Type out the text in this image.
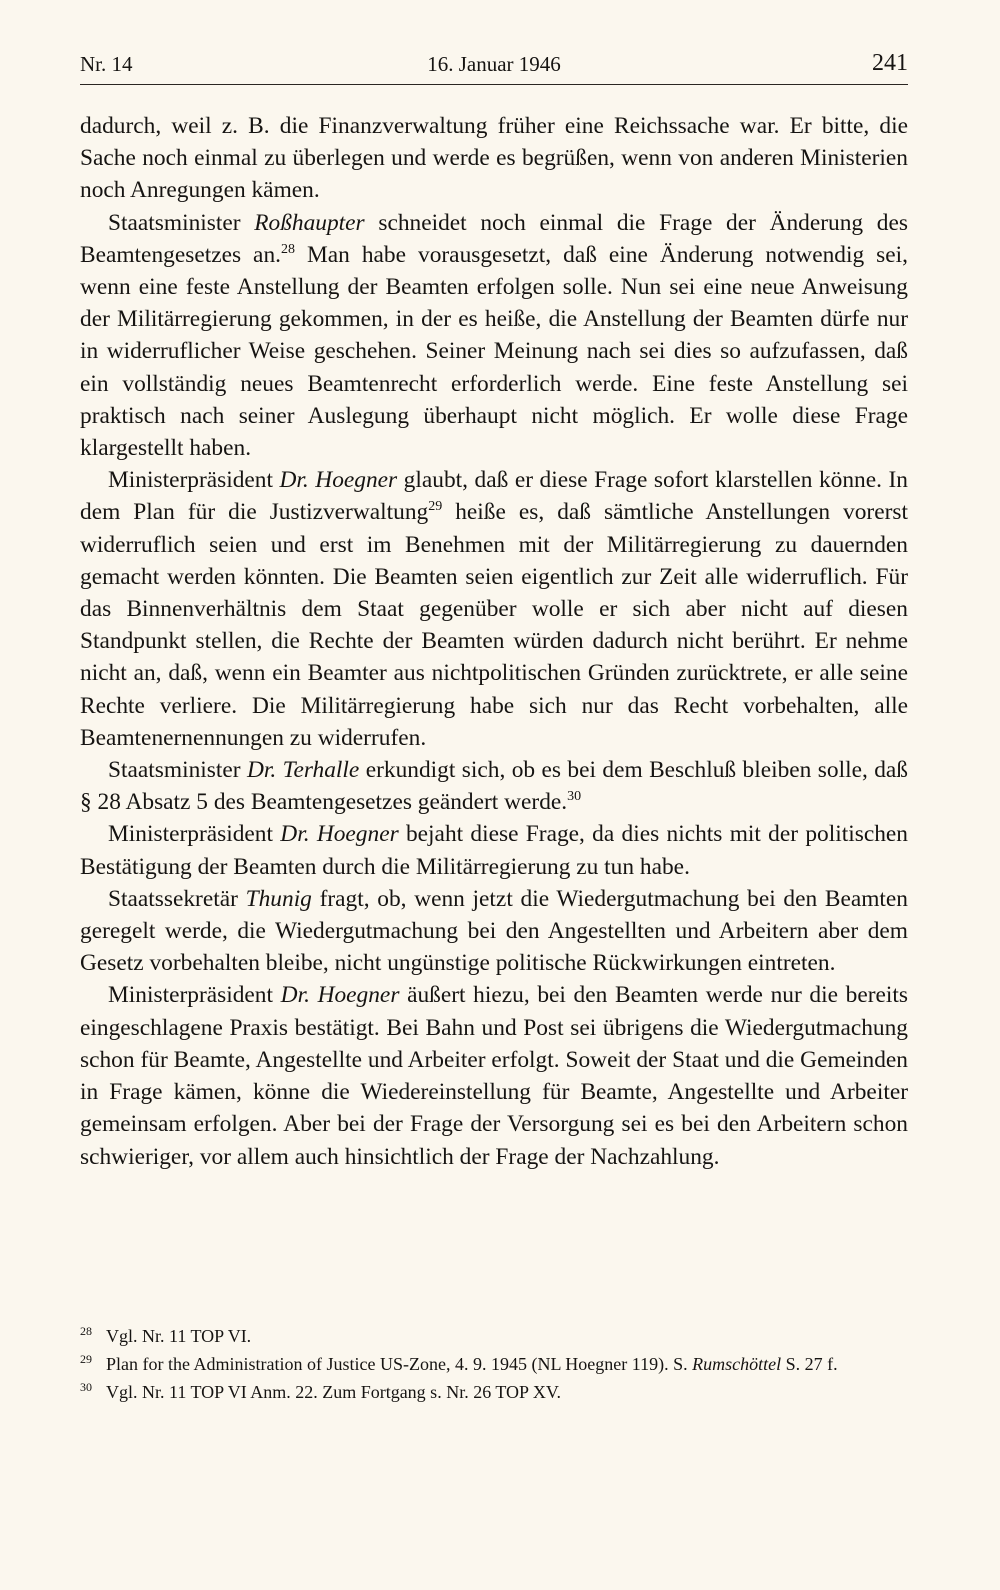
Nr. 14	16. Januar 1946	241

dadurch, weil z. B. die Finanzverwaltung früher eine Reichssache war. Er bitte, die Sache noch einmal zu überlegen und werde es begrüßen, wenn von anderen Ministerien noch Anregungen kämen.

Staatsminister Roßhaupter schneidet noch einmal die Frage der Änderung des Beamtengesetzes an.$^{28}$ Man habe vorausgesetzt, daß eine Änderung notwendig sei, wenn eine feste Anstellung der Beamten erfolgen solle. Nun sei eine neue Anweisung der Militärregierung gekommen, in der es heiße, die Anstellung der Beamten dürfe nur in widerruflicher Weise geschehen. Seiner Meinung nach sei dies so aufzufassen, daß ein vollständig neues Beamtenrecht erforderlich werde. Eine feste Anstellung sei praktisch nach seiner Auslegung überhaupt nicht möglich. Er wolle diese Frage klargestellt haben.

Ministerpräsident Dr. Hoegner glaubt, daß er diese Frage sofort klarstellen könne. In dem Plan für die Justizverwaltung$^{29}$ heiße es, daß sämtliche Anstellungen vorerst widerruflich seien und erst im Benehmen mit der Militärregierung zu dauernden gemacht werden könnten. Die Beamten seien eigentlich zur Zeit alle widerruflich. Für das Binnenverhältnis dem Staat gegenüber wolle er sich aber nicht auf diesen Standpunkt stellen, die Rechte der Beamten würden dadurch nicht berührt. Er nehme nicht an, daß, wenn ein Beamter aus nichtpolitischen Gründen zurücktrete, er alle seine Rechte verliere. Die Militärregierung habe sich nur das Recht vorbehalten, alle Beamtenernennungen zu widerrufen.

Staatsminister Dr. Terhalle erkundigt sich, ob es bei dem Beschluß bleiben solle, daß § 28 Absatz 5 des Beamtengesetzes geändert werde.$^{30}$

Ministerpräsident Dr. Hoegner bejaht diese Frage, da dies nichts mit der politischen Bestätigung der Beamten durch die Militärregierung zu tun habe.

Staatssekretär Thunig fragt, ob, wenn jetzt die Wiedergutmachung bei den Beamten geregelt werde, die Wiedergutmachung bei den Angestellten und Arbeitern aber dem Gesetz vorbehalten bleibe, nicht ungünstige politische Rückwirkungen eintreten.

Ministerpräsident Dr. Hoegner äußert hiezu, bei den Beamten werde nur die bereits eingeschlagene Praxis bestätigt. Bei Bahn und Post sei übrigens die Wiedergutmachung schon für Beamte, Angestellte und Arbeiter erfolgt. Soweit der Staat und die Gemeinden in Frage kämen, könne die Wiedereinstellung für Beamte, Angestellte und Arbeiter gemeinsam erfolgen. Aber bei der Frage der Versorgung sei es bei den Arbeitern schon schwieriger, vor allem auch hinsichtlich der Frage der Nachzahlung.

28 Vgl. Nr. 11 TOP VI.
29 Plan for the Administration of Justice US-Zone, 4. 9. 1945 (NL Hoegner 119). S. Rumschöttel S. 27 f.
30 Vgl. Nr. 11 TOP VI Anm. 22. Zum Fortgang s. Nr. 26 TOP XV.
